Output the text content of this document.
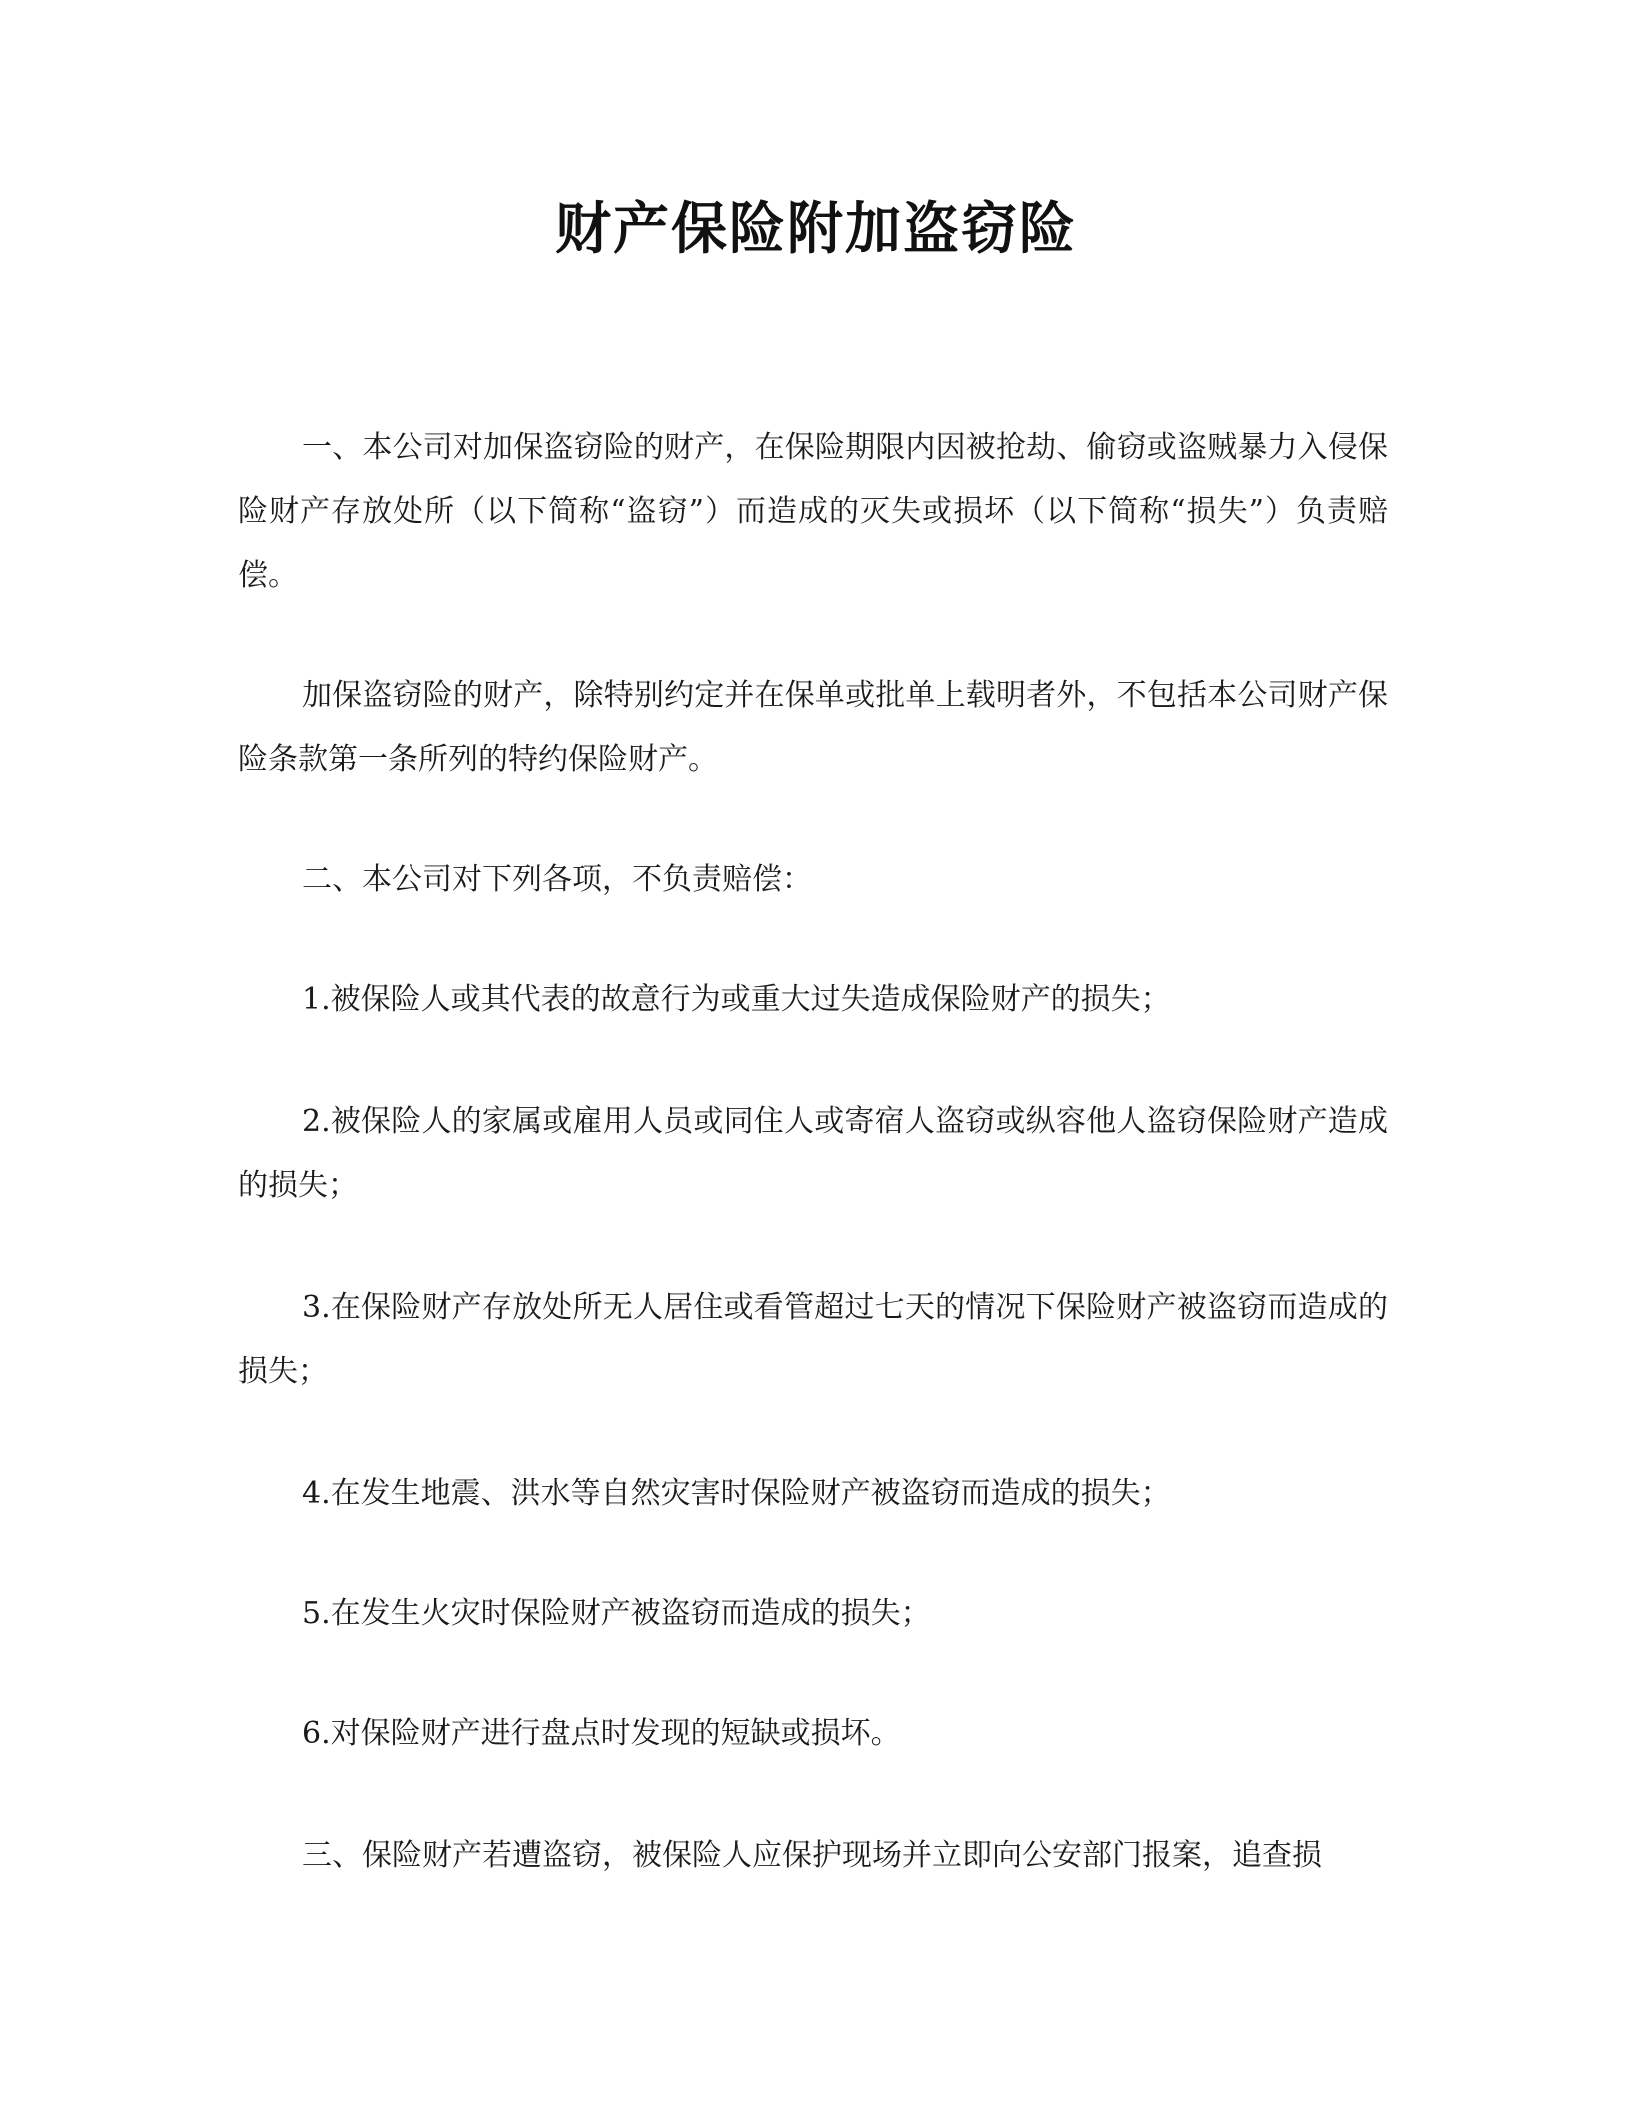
财产保险附加盗窃险

一、本公司对加保盗窃险的财产，在保险期限内因被抢劫、偷窃或盗贼暴力入侵保险财产存放处所（以下简称“盗窃”）而造成的灭失或损坏（以下简称“损失”）负责赔偿。

加保盗窃险的财产，除特别约定并在保单或批单上载明者外，不包括本公司财产保险条款第一条所列的特约保险财产。

二、本公司对下列各项，不负责赔偿：

1.被保险人或其代表的故意行为或重大过失造成保险财产的损失；

2.被保险人的家属或雇用人员或同住人或寄宿人盗窃或纵容他人盗窃保险财产造成的损失；

3.在保险财产存放处所无人居住或看管超过七天的情况下保险财产被盗窃而造成的损失；

4.在发生地震、洪水等自然灾害时保险财产被盗窃而造成的损失；

5.在发生火灾时保险财产被盗窃而造成的损失；

6.对保险财产进行盘点时发现的短缺或损坏。

三、保险财产若遭盗窃，被保险人应保护现场并立即向公安部门报案，追查损
